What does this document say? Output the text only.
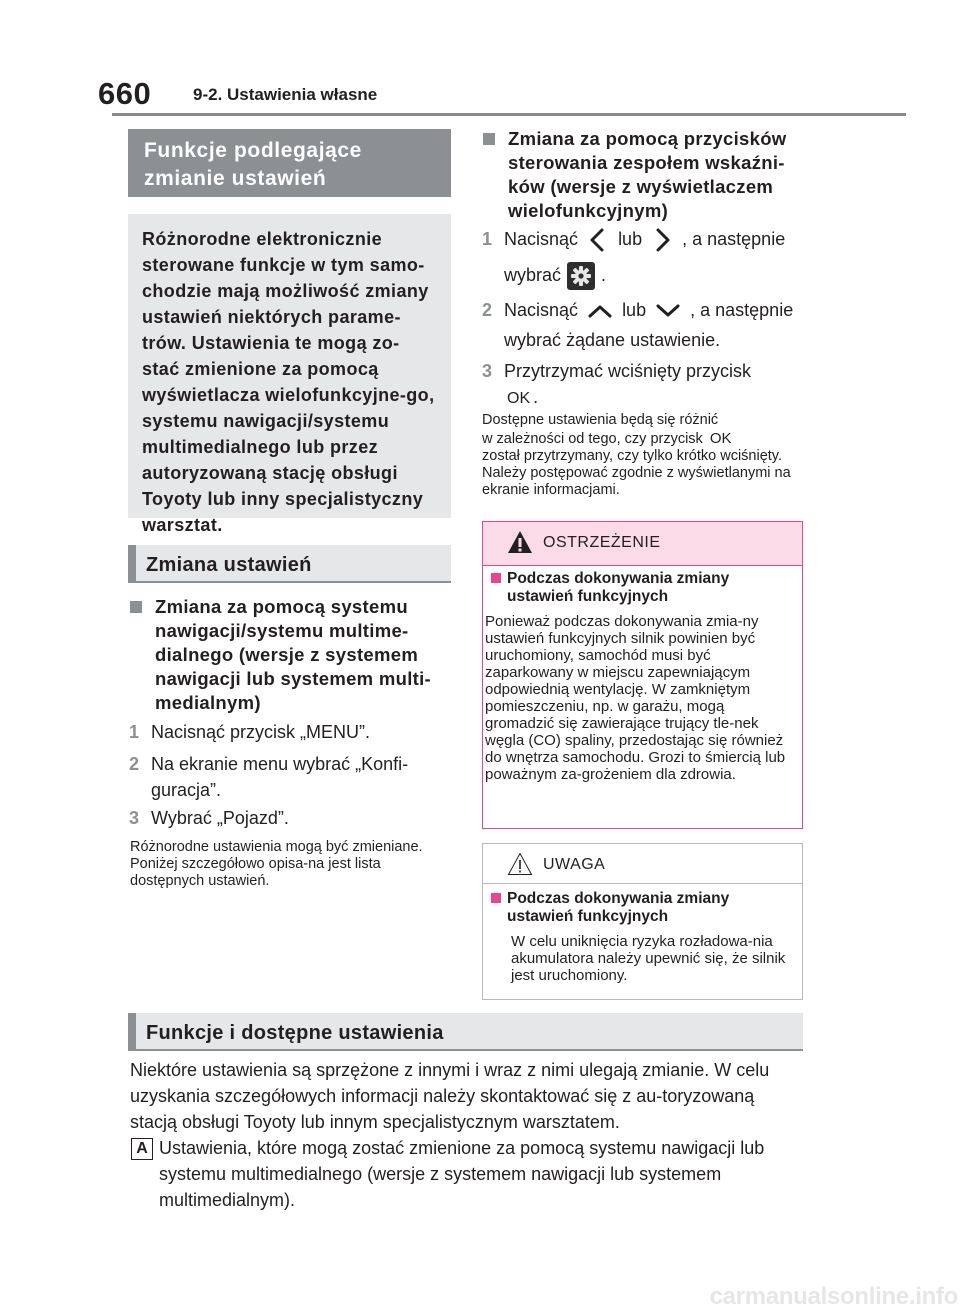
660 9-2. Ustawienia własne
Funkcje podlegające zmianie ustawień
Różnorodne elektronicznie sterowane funkcje w tym samo-chodzie mają możliwość zmiany ustawień niektórych parame-trów. Ustawienia te mogą zo-stać zmienione za pomocą wyświetlacza wielofunkcyjne-go, systemu nawigacji/systemu multimedialnego lub przez autoryzowaną stację obsługi Toyoty lub inny specjalistyczny warsztat.
Zmiana ustawień
Zmiana za pomocą systemu nawigacji/systemu multime-dialnego (wersje z systemem nawigacji lub systemem multi-medialnym)
1 Nacisnąć przycisk „MENU”.
2 Na ekranie menu wybrać „Konfi-guracja”.
3 Wybrać „Pojazd”.
Różnorodne ustawienia mogą być zmieniane. Poniżej szczegółowo opisa-na jest lista dostępnych ustawień.
Zmiana za pomocą przycisków sterowania zespołem wskaźni-ków (wersje z wyświetlaczem wielofunkcyjnym)
1 Nacisnąć lub , a następnie
wybrać .
2 Nacisnąć lub , a następnie
wybrać żądane ustawienie.
3 Przytrzymać wciśnięty przycisk
OK .
Dostępne ustawienia będą się różnić
w zależności od tego, czy przycisk OK
został przytrzymany, czy tylko krótko wciśnięty. Należy postępować zgodnie z wyświetlanymi na ekranie informacjami.
OSTRZEŻENIE
Podczas dokonywania zmiany ustawień funkcyjnych
Ponieważ podczas dokonywania zmia-ny ustawień funkcyjnych silnik powinien być uruchomiony, samochód musi być zaparkowany w miejscu zapewniającym odpowiednią wentylację. W zamkniętym pomieszczeniu, np. w garażu, mogą gromadzić się zawierające trujący tle-nek węgla (CO) spaliny, przedostając się również do wnętrza samochodu. Grozi to śmiercią lub poważnym za-grożeniem dla zdrowia.
UWAGA
Podczas dokonywania zmiany ustawień funkcyjnych
W celu uniknięcia ryzyka rozładowa-nia akumulatora należy upewnić się, że silnik jest uruchomiony.
Funkcje i dostępne ustawienia
Niektóre ustawienia są sprzężone z innymi i wraz z nimi ulegają zmianie. W celu uzyskania szczegółowych informacji należy skontaktować się z au-toryzowaną stacją obsługi Toyoty lub innym specjalistycznym warsztatem.
A Ustawienia, które mogą zostać zmienione za pomocą systemu nawigacji lub systemu multimedialnego (wersje z systemem nawigacji lub systemem multimedialnym).
carmanualsonline.info
